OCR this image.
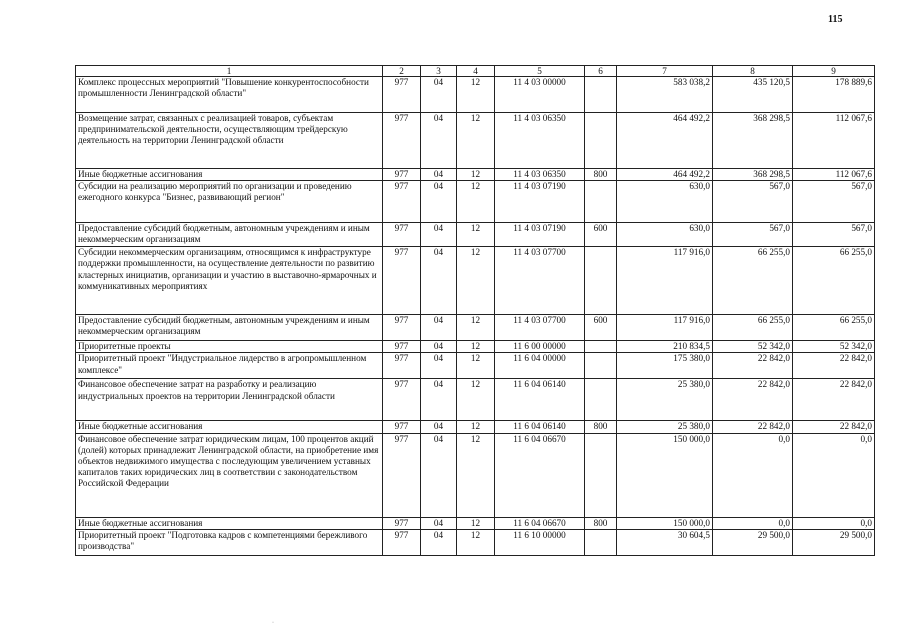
115
1	2	3	4	5	6	7	8	9
Комплекс процессных мероприятий "Повышение конкурентоспособности промышленности Ленинградской области"	977	04	12	11 4 03 00000		583 038,2	435 120,5	178 889,6
Возмещение затрат, связанных с реализацией товаров, субъектам предпринимательской деятельности, осуществляющим трейдерскую деятельность на территории Ленинградской области	977	04	12	11 4 03 06350		464 492,2	368 298,5	112 067,6
Иные бюджетные ассигнования	977	04	12	11 4 03 06350	800	464 492,2	368 298,5	112 067,6
Субсидии на реализацию мероприятий по организации и проведению ежегодного конкурса "Бизнес, развивающий регион"	977	04	12	11 4 03 07190		630,0	567,0	567,0
Предоставление субсидий бюджетным, автономным учреждениям и иным некоммерческим организациям	977	04	12	11 4 03 07190	600	630,0	567,0	567,0
Субсидии некоммерческим организациям, относящимся к инфраструктуре поддержки промышленности, на осуществление деятельности по развитию кластерных инициатив, организации и участию в выставочно-ярмарочных и коммуникативных мероприятиях	977	04	12	11 4 03 07700		117 916,0	66 255,0	66 255,0
Предоставление субсидий бюджетным, автономным учреждениям и иным некоммерческим организациям	977	04	12	11 4 03 07700	600	117 916,0	66 255,0	66 255,0
Приоритетные проекты	977	04	12	11 6 00 00000		210 834,5	52 342,0	52 342,0
Приоритетный проект "Индустриальное лидерство в агропромышленном комплексе"	977	04	12	11 6 04 00000		175 380,0	22 842,0	22 842,0
Финансовое обеспечение затрат на разработку и реализацию индустриальных проектов на территории Ленинградской области	977	04	12	11 6 04 06140		25 380,0	22 842,0	22 842,0
Иные бюджетные ассигнования	977	04	12	11 6 04 06140	800	25 380,0	22 842,0	22 842,0
Финансовое обеспечение затрат юридическим лицам, 100 процентов акций (долей) которых принадлежит Ленинградской области, на приобретение имя объектов недвижимого имущества с последующим увеличением уставных капиталов таких юридических лиц в соответствии с законодательством Российской Федерации	977	04	12	11 6 04 06670		150 000,0	0,0	0,0
Иные бюджетные ассигнования	977	04	12	11 6 04 06670	800	150 000,0	0,0	0,0
Приоритетный проект "Подготовка кадров с компетенциями бережливого производства"	977	04	12	11 6 10 00000		30 604,5	29 500,0	29 500,0
·
